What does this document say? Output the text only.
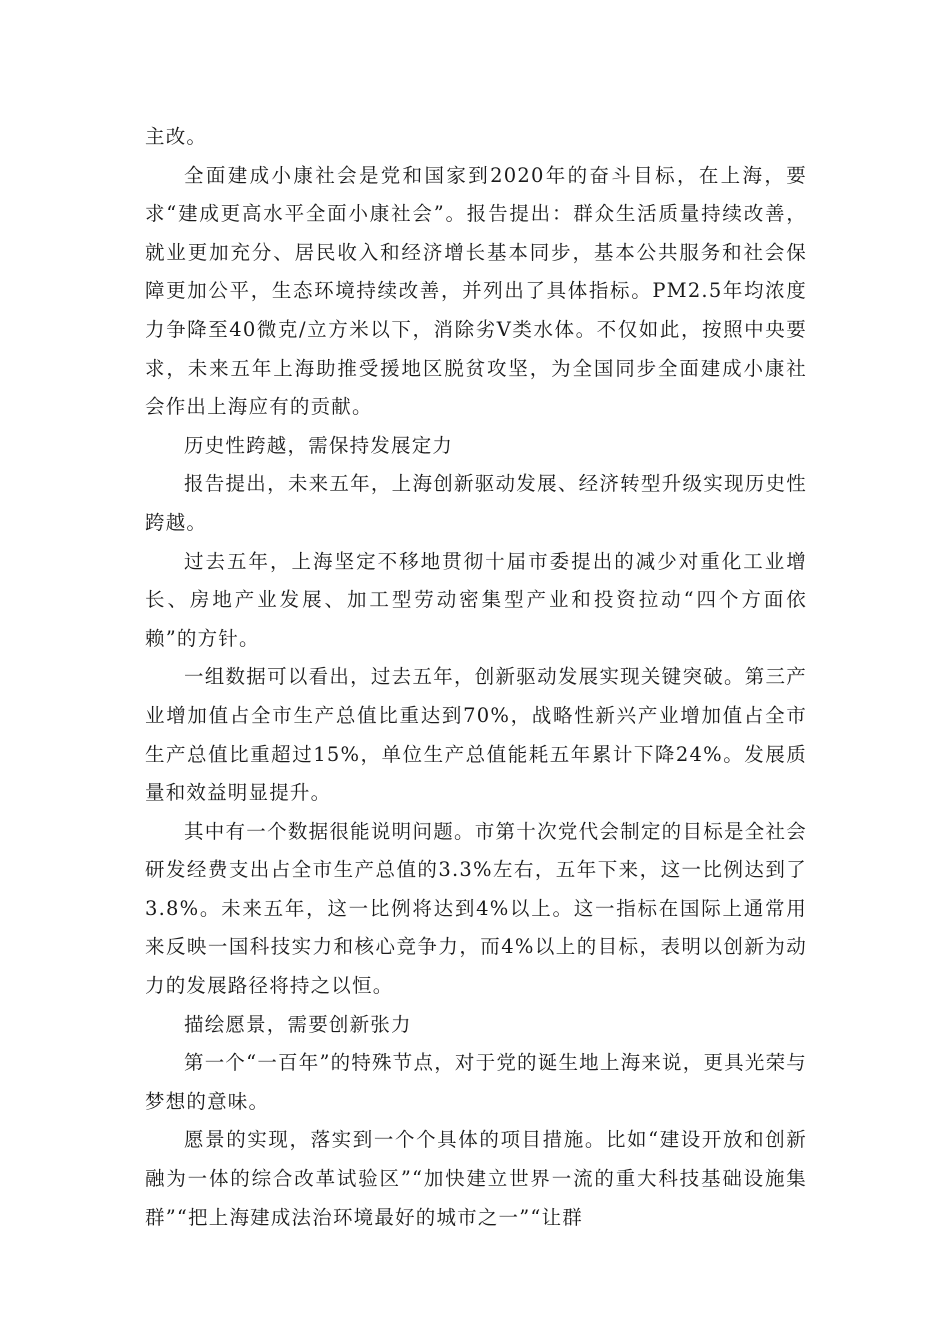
主改。

全面建成小康社会是党和国家到2020年的奋斗目标，在上海，要求“建成更高水平全面小康社会”。报告提出：群众生活质量持续改善，就业更加充分、居民收入和经济增长基本同步，基本公共服务和社会保障更加公平，生态环境持续改善，并列出了具体指标。PM2.5年均浓度力争降至40微克/立方米以下，消除劣Ⅴ类水体。不仅如此，按照中央要求，未来五年上海助推受援地区脱贫攻坚，为全国同步全面建成小康社会作出上海应有的贡献。

历史性跨越，需保持发展定力

报告提出，未来五年，上海创新驱动发展、经济转型升级实现历史性跨越。

过去五年，上海坚定不移地贯彻十届市委提出的减少对重化工业增长、房地产业发展、加工型劳动密集型产业和投资拉动“四个方面依赖”的方针。

一组数据可以看出，过去五年，创新驱动发展实现关键突破。第三产业增加值占全市生产总值比重达到70%，战略性新兴产业增加值占全市生产总值比重超过15%，单位生产总值能耗五年累计下降24%。发展质量和效益明显提升。

其中有一个数据很能说明问题。市第十次党代会制定的目标是全社会研发经费支出占全市生产总值的3.3%左右，五年下来，这一比例达到了3.8%。未来五年，这一比例将达到4%以上。这一指标在国际上通常用来反映一国科技实力和核心竞争力，而4%以上的目标，表明以创新为动力的发展路径将持之以恒。

描绘愿景，需要创新张力

第一个“一百年”的特殊节点，对于党的诞生地上海来说，更具光荣与梦想的意味。

愿景的实现，落实到一个个具体的项目措施。比如“建设开放和创新融为一体的综合改革试验区”“加快建立世界一流的重大科技基础设施集群”“把上海建成法治环境最好的城市之一”“让群
